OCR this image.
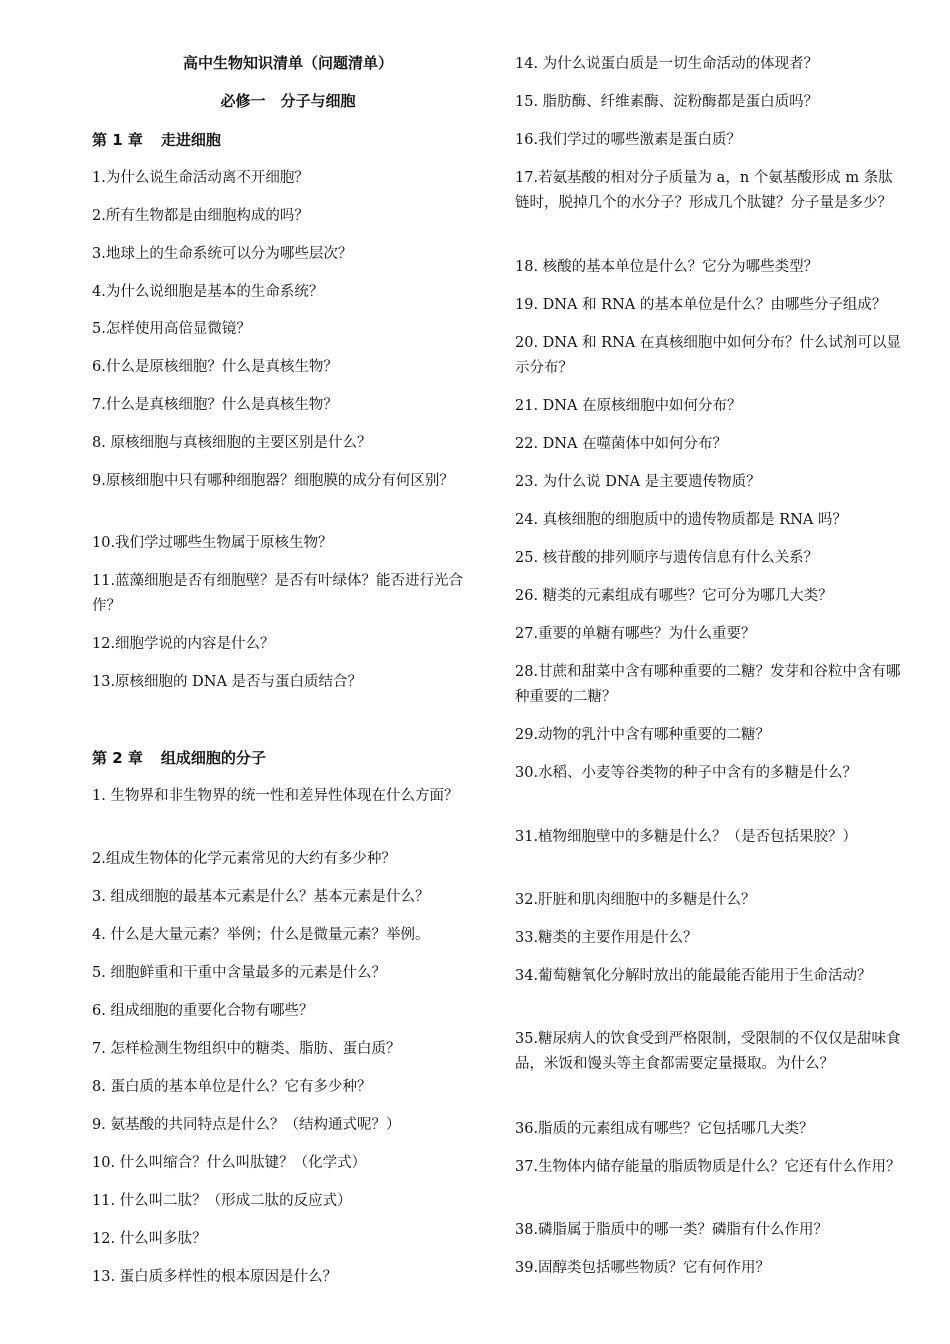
高中生物知识清单（问题清单）
必修一　分子与细胞
第 1 章 走进细胞
1.为什么说生命活动离不开细胞？
2.所有生物都是由细胞构成的吗？
3.地球上的生命系统可以分为哪些层次？
4.为什么说细胞是基本的生命系统？
5.怎样使用高倍显微镜？
6.什么是原核细胞？什么是真核生物？
7.什么是真核细胞？什么是真核生物？
8. 原核细胞与真核细胞的主要区别是什么？
9.原核细胞中只有哪种细胞器？细胞膜的成分有何区别？
10.我们学过哪些生物属于原核生物？
11.蓝藻细胞是否有细胞壁？是否有叶绿体？能否进行光合作？
12.细胞学说的内容是什么？
13.原核细胞的 DNA 是否与蛋白质结合？
第 2 章 组成细胞的分子
1. 生物界和非生物界的统一性和差异性体现在什么方面？
2.组成生物体的化学元素常见的大约有多少种？
3. 组成细胞的最基本元素是什么？基本元素是什么？
4. 什么是大量元素？举例；什么是微量元素？举例。
5. 细胞鲜重和干重中含量最多的元素是什么？
6. 组成细胞的重要化合物有哪些？
7. 怎样检测生物组织中的糖类、脂肪、蛋白质？
8. 蛋白质的基本单位是什么？它有多少种？
9. 氨基酸的共同特点是什么？（结构通式呢？）
10. 什么叫缩合？什么叫肽键？（化学式）
11. 什么叫二肽？（形成二肽的反应式）
12. 什么叫多肽？
13. 蛋白质多样性的根本原因是什么？
14. 为什么说蛋白质是一切生命活动的体现者？
15. 脂肪酶、纤维素酶、淀粉酶都是蛋白质吗？
16.我们学过的哪些激素是蛋白质？
17.若氨基酸的相对分子质量为 a，n 个氨基酸形成 m 条肽链时，脱掉几个的水分子？形成几个肽键？分子量是多少？
18. 核酸的基本单位是什么？它分为哪些类型？
19. DNA 和 RNA 的基本单位是什么？由哪些分子组成？
20. DNA 和 RNA 在真核细胞中如何分布？什么试剂可以显示分布？
21. DNA 在原核细胞中如何分布？
22. DNA 在噬菌体中如何分布？
23. 为什么说 DNA 是主要遗传物质？
24. 真核细胞的细胞质中的遗传物质都是 RNA 吗？
25. 核苷酸的排列顺序与遗传信息有什么关系？
26. 糖类的元素组成有哪些？它可分为哪几大类？
27.重要的单糖有哪些？为什么重要？
28.甘蔗和甜菜中含有哪种重要的二糖？发芽和谷粒中含有哪种重要的二糖？
29.动物的乳汁中含有哪种重要的二糖？
30.水稻、小麦等谷类物的种子中含有的多糖是什么？
31.植物细胞壁中的多糖是什么？（是否包括果胶？）
32.肝脏和肌肉细胞中的多糖是什么？
33.糖类的主要作用是什么？
34.葡萄糖氧化分解时放出的能最能否能用于生命活动？
35.糖尿病人的饮食受到严格限制，受限制的不仅仅是甜味食品，米饭和馒头等主食都需要定量摄取。为什么？
36.脂质的元素组成有哪些？它包括哪几大类？
37.生物体内储存能量的脂质物质是什么？它还有什么作用？
38.磷脂属于脂质中的哪一类？磷脂有什么作用？
39.固醇类包括哪些物质？它有何作用？
